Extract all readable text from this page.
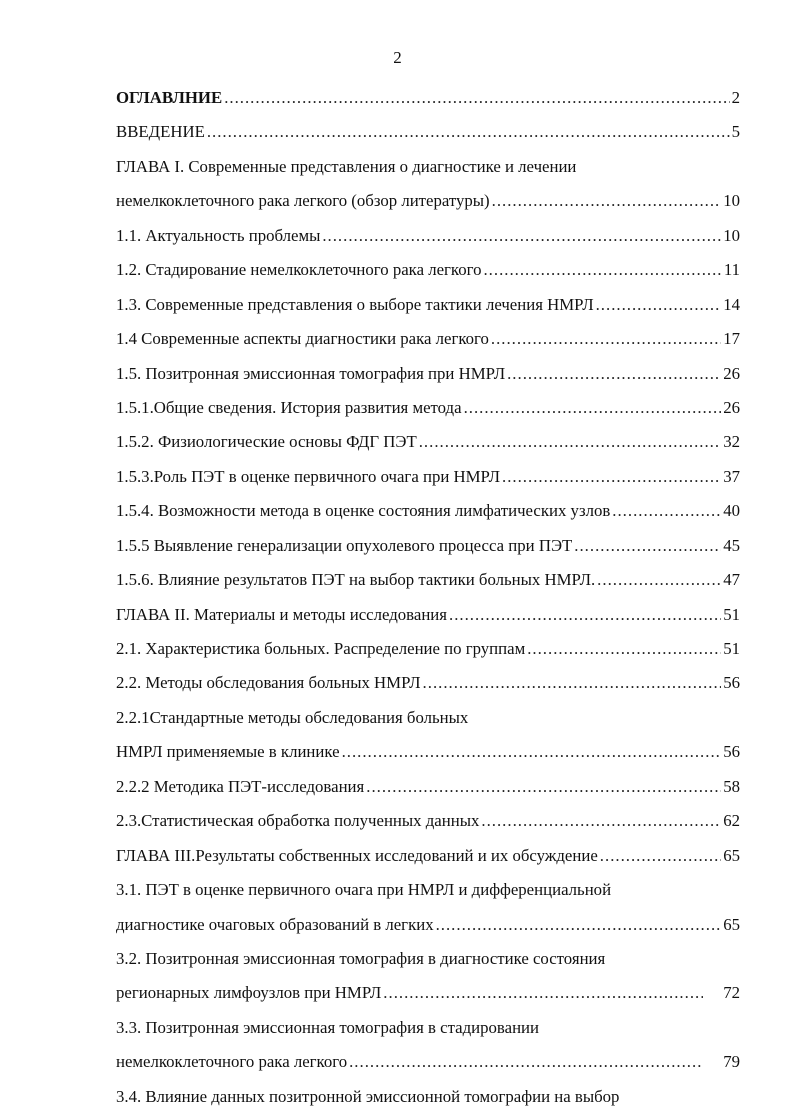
2
ОГЛАВЛНИЕ .....	2
ВВЕДЕНИЕ .....	5
ГЛАВА I. Современные представления о диагностике и лечении
немелкоклеточного рака легкого (обзор литературы) .....	10
1.1. Актуальность проблемы .....	10
1.2. Стадирование немелкоклеточного рака легкого .....	11
1.3. Современные представления о выборе тактики лечения НМРЛ .....	14
1.4 Современные аспекты диагностики рака легкого .....	17
1.5. Позитронная эмиссионная томография при НМРЛ .....	26
1.5.1.Общие сведения. История развития метода .....	26
1.5.2. Физиологические основы ФДГ ПЭТ .....	32
1.5.3.Роль ПЭТ в оценке первичного очага при НМРЛ .....	37
1.5.4. Возможности метода в оценке состояния лимфатических узлов .....	40
1.5.5 Выявление генерализации опухолевого процесса при ПЭТ .....	45
1.5.6. Влияние результатов ПЭТ на выбор тактики больных НМРЛ. .....	47
ГЛАВА II. Материалы и методы исследования .....	51
2.1. Характеристика больных. Распределение по группам .....	51
2.2. Методы обследования больных НМРЛ .....	56
2.2.1Стандартные методы обследования больных
НМРЛ применяемые в клинике .....	56
2.2.2 Методика ПЭТ-исследования .....	58
2.3.Статистическая обработка полученных данных .....	62
ГЛАВА III.Результаты собственных исследований и их обсуждение .....	65
3.1. ПЭТ в оценке первичного очага при НМРЛ и дифференциальной
диагностике очаговых образований в легких .....	65
3.2. Позитронная эмиссионная томография в диагностике состояния
регионарных лимфоузлов при НМРЛ .....	72
3.3. Позитронная эмиссионная томография в стадировании
немелкоклеточного рака легкого .....	79
3.4. Влияние данных позитронной эмиссионной томографии на выбор
